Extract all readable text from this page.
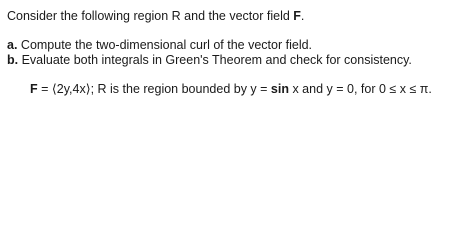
Consider the following region R and the vector field F.
a. Compute the two-dimensional curl of the vector field.
b. Evaluate both integrals in Green's Theorem and check for consistency.
F = ⟨2y,4x⟩; R is the region bounded by y = sin x and y = 0, for 0 ≤ x ≤ π.
